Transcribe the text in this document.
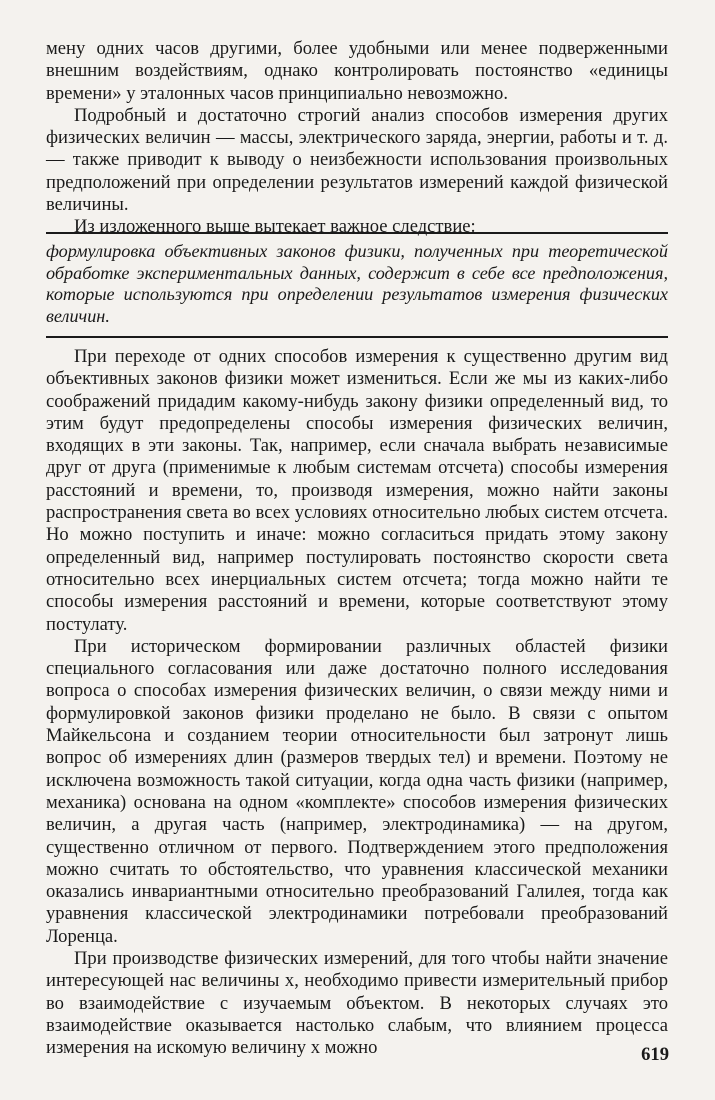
мену одних часов другими, более удобными или менее подверженными внешним воздействиям, однако контролировать постоянство «единицы времени» у эталонных часов принципиально невозможно.

Подробный и достаточно строгий анализ способов измерения других физических величин — массы, электрического заряда, энергии, работы и т. д. — также приводит к выводу о неизбежности использования произвольных предположений при определении результатов измерений каждой физической величины.

Из изложенного выше вытекает важное следствие:

формулировка объективных законов физики, полученных при теоретической обработке экспериментальных данных, содержит в себе все предположения, которые используются при определении результатов измерения физических величин.

При переходе от одних способов измерения к существенно другим вид объективных законов физики может измениться. Если же мы из каких-либо соображений придадим какому-нибудь закону физики определенный вид, то этим будут предопределены способы измерения физических величин, входящих в эти законы. Так, например, если сначала выбрать независимые друг от друга (применимые к любым системам отсчета) способы измерения расстояний и времени, то, производя измерения, можно найти законы распространения света во всех условиях относительно любых систем отсчета. Но можно поступить и иначе: можно согласиться придать этому закону определенный вид, например постулировать постоянство скорости света относительно всех инерциальных систем отсчета; тогда можно найти те способы измерения расстояний и времени, которые соответствуют этому постулату.

При историческом формировании различных областей физики специального согласования или даже достаточно полного исследования вопроса о способах измерения физических величин, о связи между ними и формулировкой законов физики проделано не было. В связи с опытом Майкельсона и созданием теории относительности был затронут лишь вопрос об измерениях длин (размеров твердых тел) и времени. Поэтому не исключена возможность такой ситуации, когда одна часть физики (например, механика) основана на одном «комплекте» способов измерения физических величин, а другая часть (например, электродинамика) — на другом, существенно отличном от первого. Подтверждением этого предположения можно считать то обстоятельство, что уравнения классической механики оказались инвариантными относительно преобразований Галилея, тогда как уравнения классической электродинамики потребовали преобразований Лоренца.

При производстве физических измерений, для того чтобы найти значение интересующей нас величины x, необходимо привести измерительный прибор во взаимодействие с изучаемым объектом. В некоторых случаях это взаимодействие оказывается настолько слабым, что влиянием процесса измерения на искомую величину x можно	619
